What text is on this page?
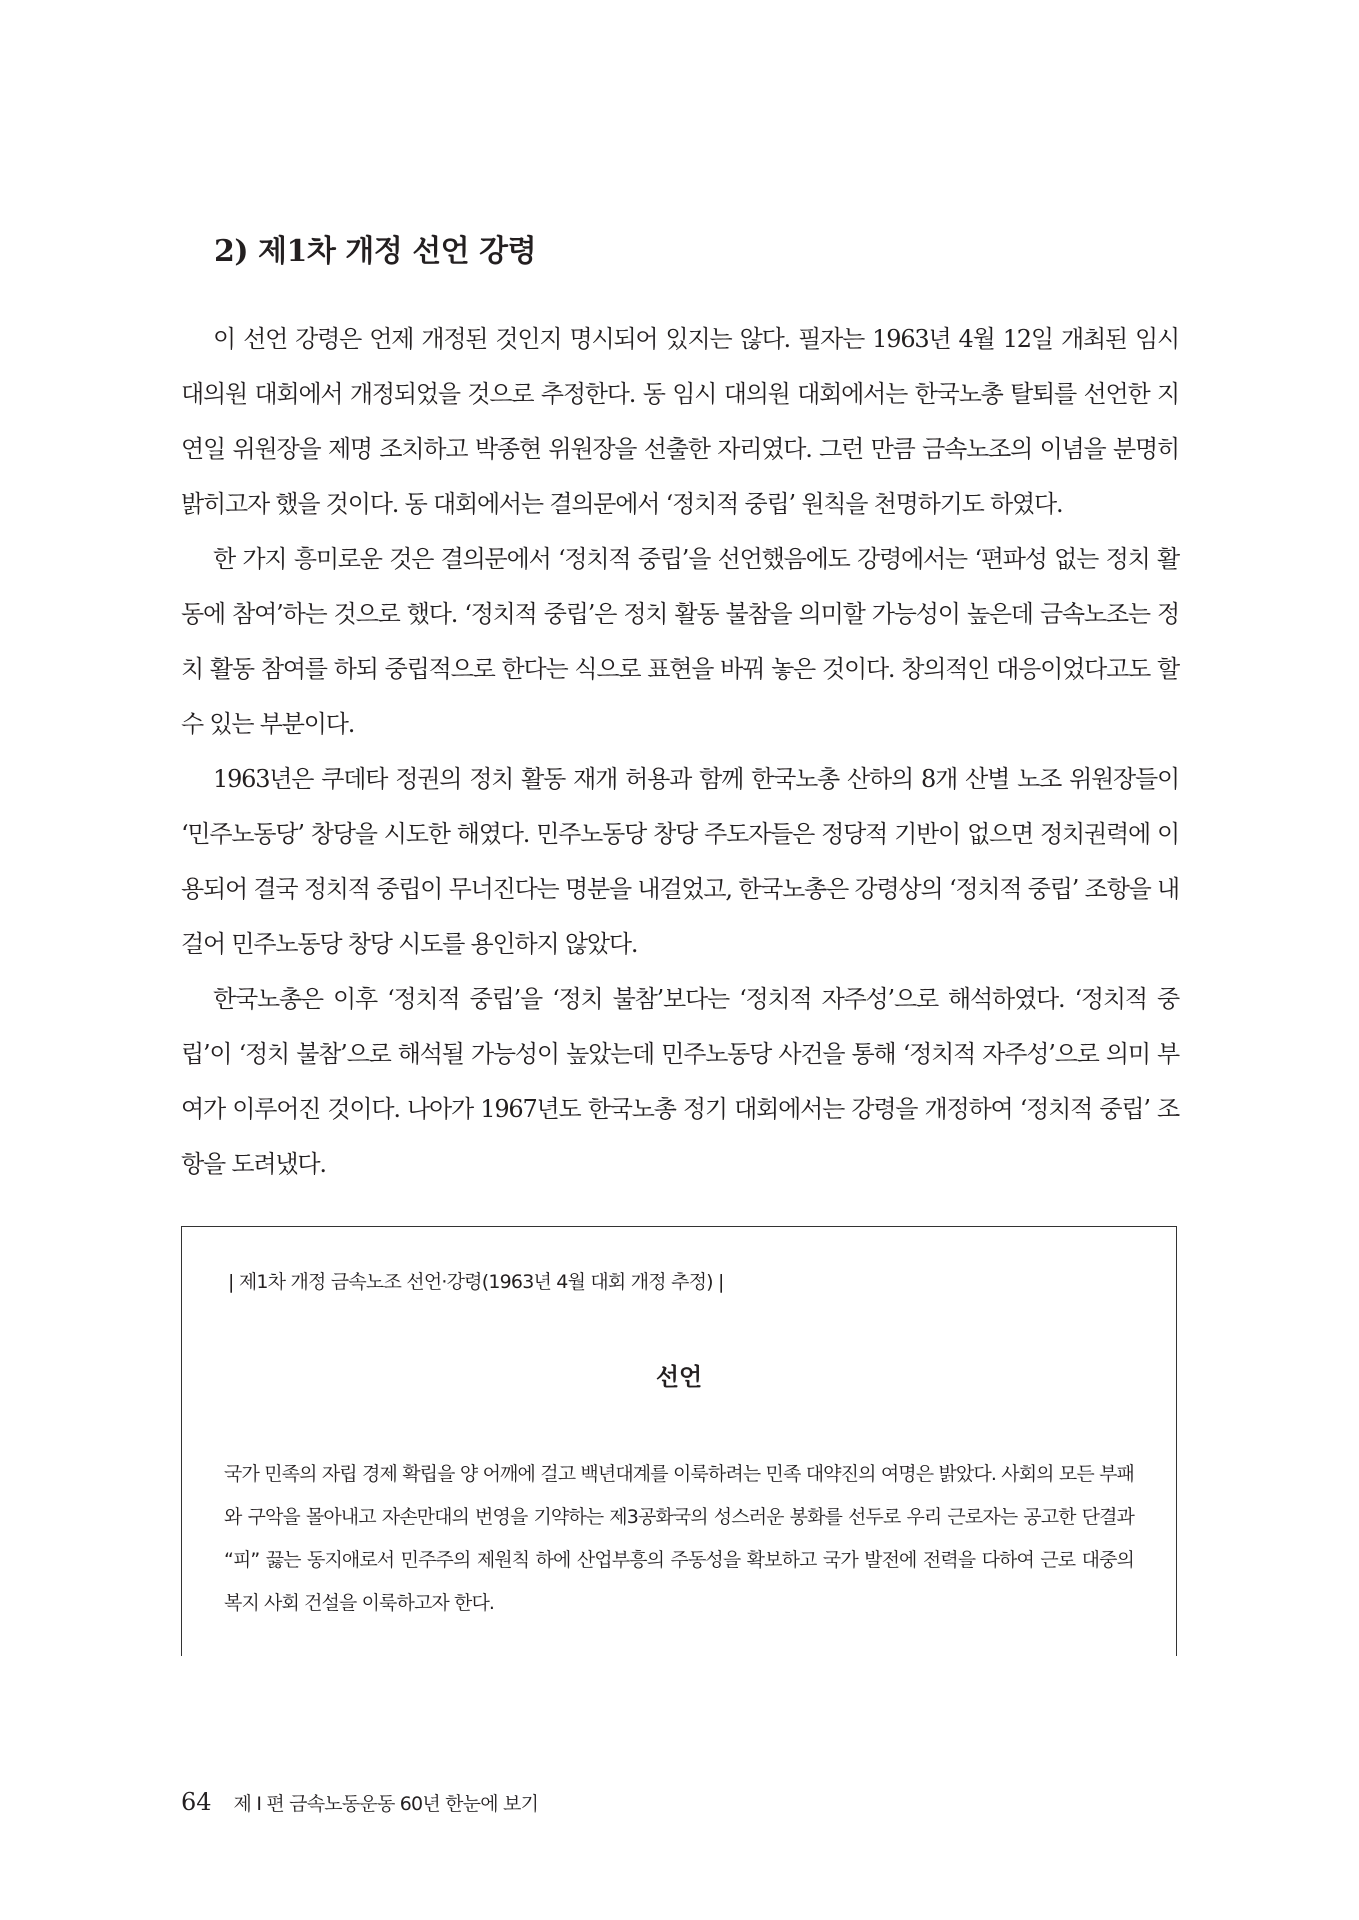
2) 제1차 개정 선언 강령

이 선언 강령은 언제 개정된 것인지 명시되어 있지는 않다. 필자는 1963년 4월 12일 개최된 임시 대의원 대회에서 개정되었을 것으로 추정한다. 동 임시 대의원 대회에서는 한국노총 탈퇴를 선언한 지연일 위원장을 제명 조치하고 박종현 위원장을 선출한 자리였다. 그런 만큼 금속노조의 이념을 분명히 밝히고자 했을 것이다. 동 대회에서는 결의문에서 ‘정치적 중립’ 원칙을 천명하기도 하였다.

한 가지 흥미로운 것은 결의문에서 ‘정치적 중립’을 선언했음에도 강령에서는 ‘편파성 없는 정치 활동에 참여’하는 것으로 했다. ‘정치적 중립’은 정치 활동 불참을 의미할 가능성이 높은데 금속노조는 정치 활동 참여를 하되 중립적으로 한다는 식으로 표현을 바꿔 놓은 것이다. 창의적인 대응이었다고도 할 수 있는 부분이다.

1963년은 쿠데타 정권의 정치 활동 재개 허용과 함께 한국노총 산하의 8개 산별 노조 위원장들이 ‘민주노동당’ 창당을 시도한 해였다. 민주노동당 창당 주도자들은 정당적 기반이 없으면 정치권력에 이용되어 결국 정치적 중립이 무너진다는 명분을 내걸었고, 한국노총은 강령상의 ‘정치적 중립’ 조항을 내걸어 민주노동당 창당 시도를 용인하지 않았다.

한국노총은 이후 ‘정치적 중립’을 ‘정치 불참’보다는 ‘정치적 자주성’으로 해석하였다. ‘정치적 중립’이 ‘정치 불참’으로 해석될 가능성이 높았는데 민주노동당 사건을 통해 ‘정치적 자주성’으로 의미 부여가 이루어진 것이다. 나아가 1967년도 한국노총 정기 대회에서는 강령을 개정하여 ‘정치적 중립’ 조항을 도려냈다.

| 제1차 개정 금속노조 선언·강령(1963년 4월 대회 개정 추정) |
선언

국가 민족의 자립 경제 확립을 양 어깨에 걸고 백년대계를 이룩하려는 민족 대약진의 여명은 밝았다. 사회의 모든 부패와 구악을 몰아내고 자손만대의 번영을 기약하는 제3공화국의 성스러운 봉화를 선두로 우리 근로자는 공고한 단결과 “피” 끓는 동지애로서 민주주의 제원칙 하에 산업부흥의 주동성을 확보하고 국가 발전에 전력을 다하여 근로 대중의 복지 사회 건설을 이룩하고자 한다.

64 제 I 편 금속노동운동 60년 한눈에 보기
